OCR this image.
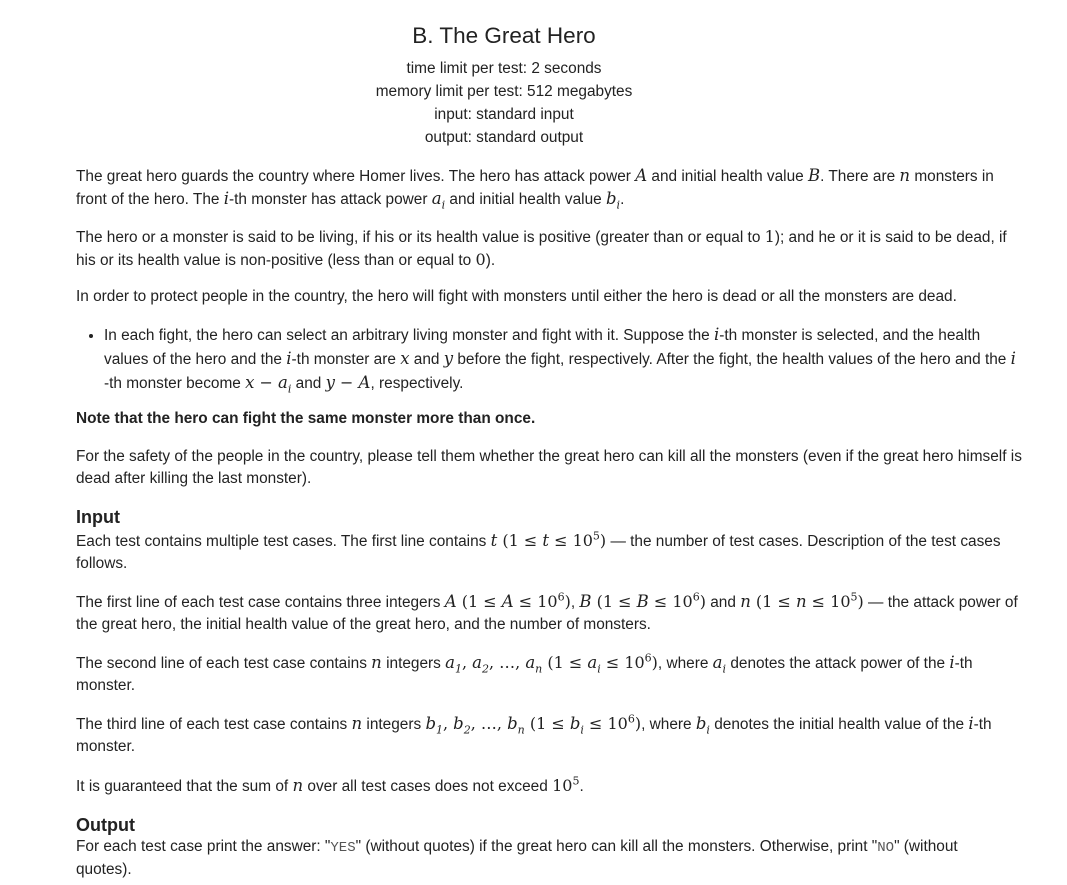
B. The Great Hero
time limit per test: 2 seconds
memory limit per test: 512 megabytes
input: standard input
output: standard output
The great hero guards the country where Homer lives. The hero has attack power A and initial health value B. There are n monsters in
front of the hero. The i-th monster has attack power $a_i$ and initial health value $b_i$.
The hero or a monster is said to be living, if his or its health value is positive (greater than or equal to 1); and he or it is said to be dead, if
his or its health value is non-positive (less than or equal to 0).
In order to protect people in the country, the hero will fight with monsters until either the hero is dead or all the monsters are dead.
• In each fight, the hero can select an arbitrary living monster and fight with it. Suppose the i-th monster is selected, and the health
values of the hero and the i-th monster are x and y before the fight, respectively. After the fight, the health values of the hero and the i
-th monster become $x - a_i$ and y − A, respectively.
Note that the hero can fight the same monster more than once.
For the safety of the people in the country, please tell them whether the great hero can kill all the monsters (even if the great hero himself is
dead after killing the last monster).
Input
Each test contains multiple test cases. The first line contains t $(1 \le t \le 10^5)$ — the number of test cases. Description of the test cases
follows.
The first line of each test case contains three integers A $(1 \le A \le 10^6)$, B $(1 \le B \le 10^6)$ and n $(1 \le n \le 10^5)$ — the attack power of
the great hero, the initial health value of the great hero, and the number of monsters.
The second line of each test case contains n integers $a_1$, $a_2$, …, $a_n$ $(1 \le a_i \le 10^6)$, where $a_i$ denotes the attack power of the i-th
monster.
The third line of each test case contains n integers $b_1$, $b_2$, …, $b_n$ $(1 \le b_i \le 10^6)$, where $b_i$ denotes the initial health value of the i-th
monster.
It is guaranteed that the sum of n over all test cases does not exceed $10^5$.
Output
For each test case print the answer: "YES" (without quotes) if the great hero can kill all the monsters. Otherwise, print "NO" (without
quotes).
